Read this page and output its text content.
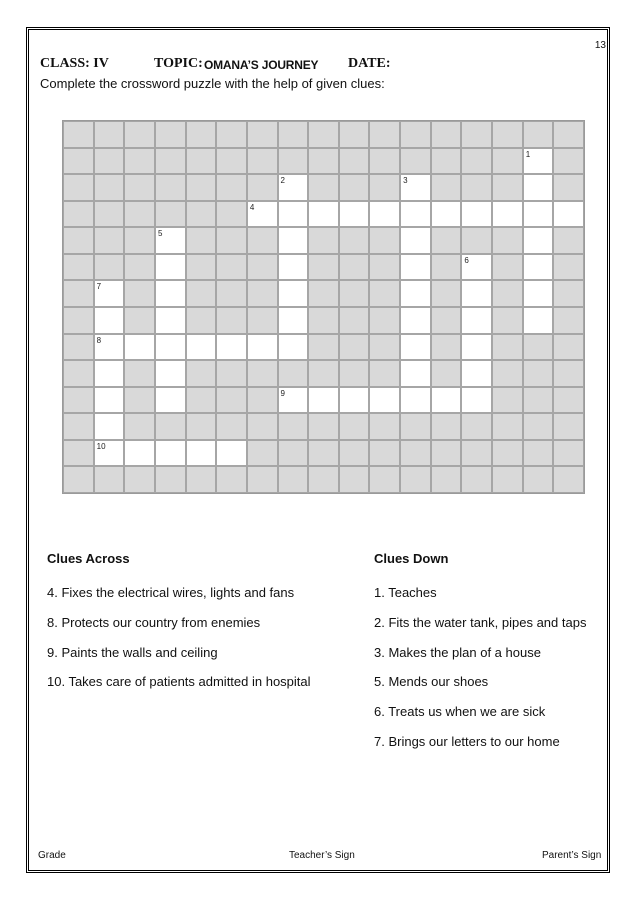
13
CLASS: IV	TOPIC: OMANA’S JOURNEY DATE:
Complete the crossword puzzle with the help of given clues:
1
2	3
4
5
6
7
8
9
10
Clues Across
4. Fixes the electrical wires, lights and fans
8. Protects our country from enemies
9. Paints the walls and ceiling
10. Takes care of patients admitted in hospital
Clues Down
1. Teaches
2. Fits the water tank, pipes and taps
3. Makes the plan of a house
5. Mends our shoes
6. Treats us when we are sick
7. Brings our letters to our home
Grade	Teacher’s Sign	Parent’s Sign
